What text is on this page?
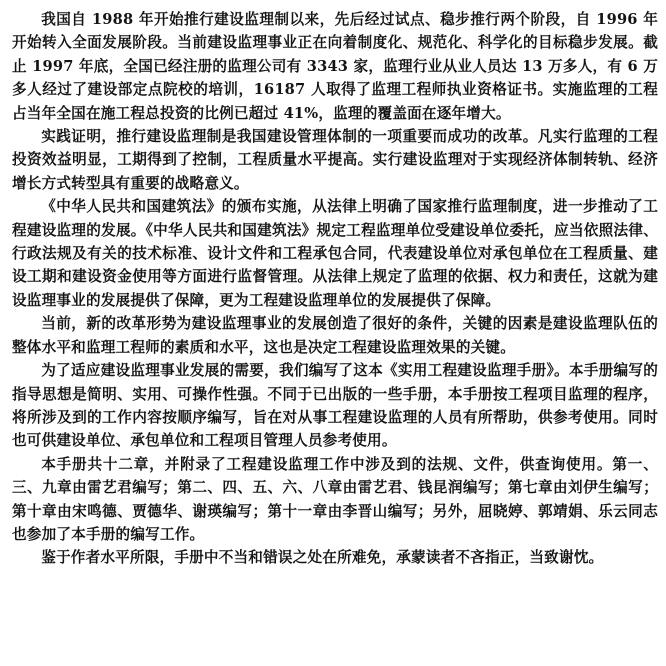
我国自 1988 年开始推行建设监理制以来，先后经过试点、稳步推行两个阶段，自 1996 年开始转入全面发展阶段。当前建设监理事业正在向着制度化、规范化、科学化的目标稳步发展。截止 1997 年底，全国已经注册的监理公司有 3343 家，监理行业从业人员达 13 万多人，有 6 万多人经过了建设部定点院校的培训，16187 人取得了监理工程师执业资格证书。实施监理的工程占当年全国在施工程总投资的比例已超过 41%，监理的覆盖面在逐年增大。

实践证明，推行建设监理制是我国建设管理体制的一项重要而成功的改革。凡实行监理的工程投资效益明显，工期得到了控制，工程质量水平提高。实行建设监理对于实现经济体制转轨、经济增长方式转型具有重要的战略意义。

《中华人民共和国建筑法》的颁布实施，从法律上明确了国家推行监理制度，进一步推动了工程建设监理的发展。《中华人民共和国建筑法》规定工程监理单位受建设单位委托，应当依照法律、行政法规及有关的技术标准、设计文件和工程承包合同，代表建设单位对承包单位在工程质量、建设工期和建设资金使用等方面进行监督管理。从法律上规定了监理的依据、权力和责任，这就为建设监理事业的发展提供了保障，更为工程建设监理单位的发展提供了保障。

当前，新的改革形势为建设监理事业的发展创造了很好的条件，关键的因素是建设监理队伍的整体水平和监理工程师的素质和水平，这也是决定工程建设监理效果的关键。

为了适应建设监理事业发展的需要，我们编写了这本《实用工程建设监理手册》。本手册编写的指导思想是简明、实用、可操作性强。不同于已出版的一些手册，本手册按工程项目监理的程序，将所涉及到的工作内容按顺序编写，旨在对从事工程建设监理的人员有所帮助，供参考使用。同时也可供建设单位、承包单位和工程项目管理人员参考使用。

本手册共十二章，并附录了工程建设监理工作中涉及到的法规、文件，供查询使用。第一、三、九章由雷艺君编写；第二、四、五、六、八章由雷艺君、钱昆润编写；第七章由刘伊生编写；第十章由宋鸣德、贾德华、谢瑛编写；第十一章由李晋山编写；另外，屈晓婷、郭靖娟、乐云同志也参加了本手册的编写工作。

鉴于作者水平所限，手册中不当和错误之处在所难免，承蒙读者不吝指正，当致谢忱。
